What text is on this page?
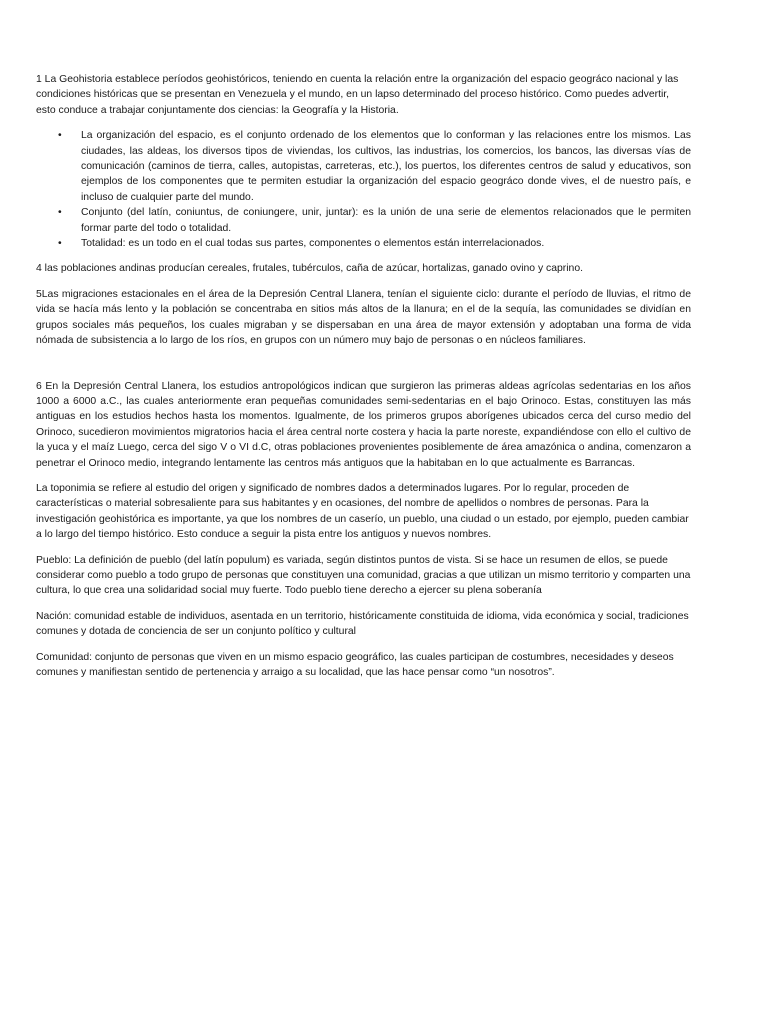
1 La Geohistoria establece períodos geohistóricos, teniendo en cuenta la relación entre la organización del espacio geográco nacional y las condiciones históricas que se presentan en Venezuela y el mundo, en un lapso determinado del proceso histórico. Como puedes advertir, esto conduce a trabajar conjuntamente dos ciencias: la Geografía y la Historia.

• La organización del espacio, es el conjunto ordenado de los elementos que lo conforman y las relaciones entre los mismos. Las ciudades, las aldeas, los diversos tipos de viviendas, los cultivos, las industrias, los comercios, los bancos, las diversas vías de comunicación (caminos de tierra, calles, autopistas, carreteras, etc.), los puertos, los diferentes centros de salud y educativos, son ejemplos de los componentes que te permiten estudiar la organización del espacio geográco donde vives, el de nuestro país, e incluso de cualquier parte del mundo.
• Conjunto (del latín, coniuntus, de coniungere, unir, juntar): es la unión de una serie de elementos relacionados que le permiten formar parte del todo o totalidad.
• Totalidad: es un todo en el cual todas sus partes, componentes o elementos están interrelacionados.

4 las poblaciones andinas producían cereales, frutales, tubérculos, caña de azúcar, hortalizas, ganado ovino y caprino.

5Las migraciones estacionales en el área de la Depresión Central Llanera, tenían el siguiente ciclo: durante el período de lluvias, el ritmo de vida se hacía más lento y la población se concentraba en sitios más altos de la llanura; en el de la sequía, las comunidades se dividían en grupos sociales más pequeños, los cuales migraban y se dispersaban en una área de mayor extensión y adoptaban una forma de vida nómada de subsistencia a lo largo de los ríos, en grupos con un número muy bajo de personas o en núcleos familiares.

6 En la Depresión Central Llanera, los estudios antropológicos indican que surgieron las primeras aldeas agrícolas sedentarias en los años 1000 a 6000 a.C., las cuales anteriormente eran pequeñas comunidades semi-sedentarias en el bajo Orinoco. Estas, constituyen las más antiguas en los estudios hechos hasta los momentos. Igualmente, de los primeros grupos aborígenes ubicados cerca del curso medio del Orinoco, sucedieron movimientos migratorios hacia el área central norte costera y hacia la parte noreste, expandiéndose con ello el cultivo de la yuca y el maíz Luego, cerca del sigo V o VI d.C, otras poblaciones provenientes posiblemente de área amazónica o andina, comenzaron a penetrar el Orinoco medio, integrando lentamente las centros más antiguos que la habitaban en lo que actualmente es Barrancas.

La toponimia se refiere al estudio del origen y significado de nombres dados a determinados lugares. Por lo regular, proceden de características o material sobresaliente para sus habitantes y en ocasiones, del nombre de apellidos o nombres de personas. Para la investigación geohistórica es importante, ya que los nombres de un caserío, un pueblo, una ciudad o un estado, por ejemplo, pueden cambiar a lo largo del tiempo histórico. Esto conduce a seguir la pista entre los antiguos y nuevos nombres.

Pueblo: La definición de pueblo (del latín populum) es variada, según distintos puntos de vista. Si se hace un resumen de ellos, se puede considerar como pueblo a todo grupo de personas que constituyen una comunidad, gracias a que utilizan un mismo territorio y comparten una cultura, lo que crea una solidaridad social muy fuerte. Todo pueblo tiene derecho a ejercer su plena soberanía

Nación: comunidad estable de individuos, asentada en un territorio, históricamente constituida de idioma, vida económica y social, tradiciones comunes y dotada de conciencia de ser un conjunto político y cultural

Comunidad: conjunto de personas que viven en un mismo espacio geográfico, las cuales participan de costumbres, necesidades y deseos comunes y manifiestan sentido de pertenencia y arraigo a su localidad, que las hace pensar como “un nosotros”.
